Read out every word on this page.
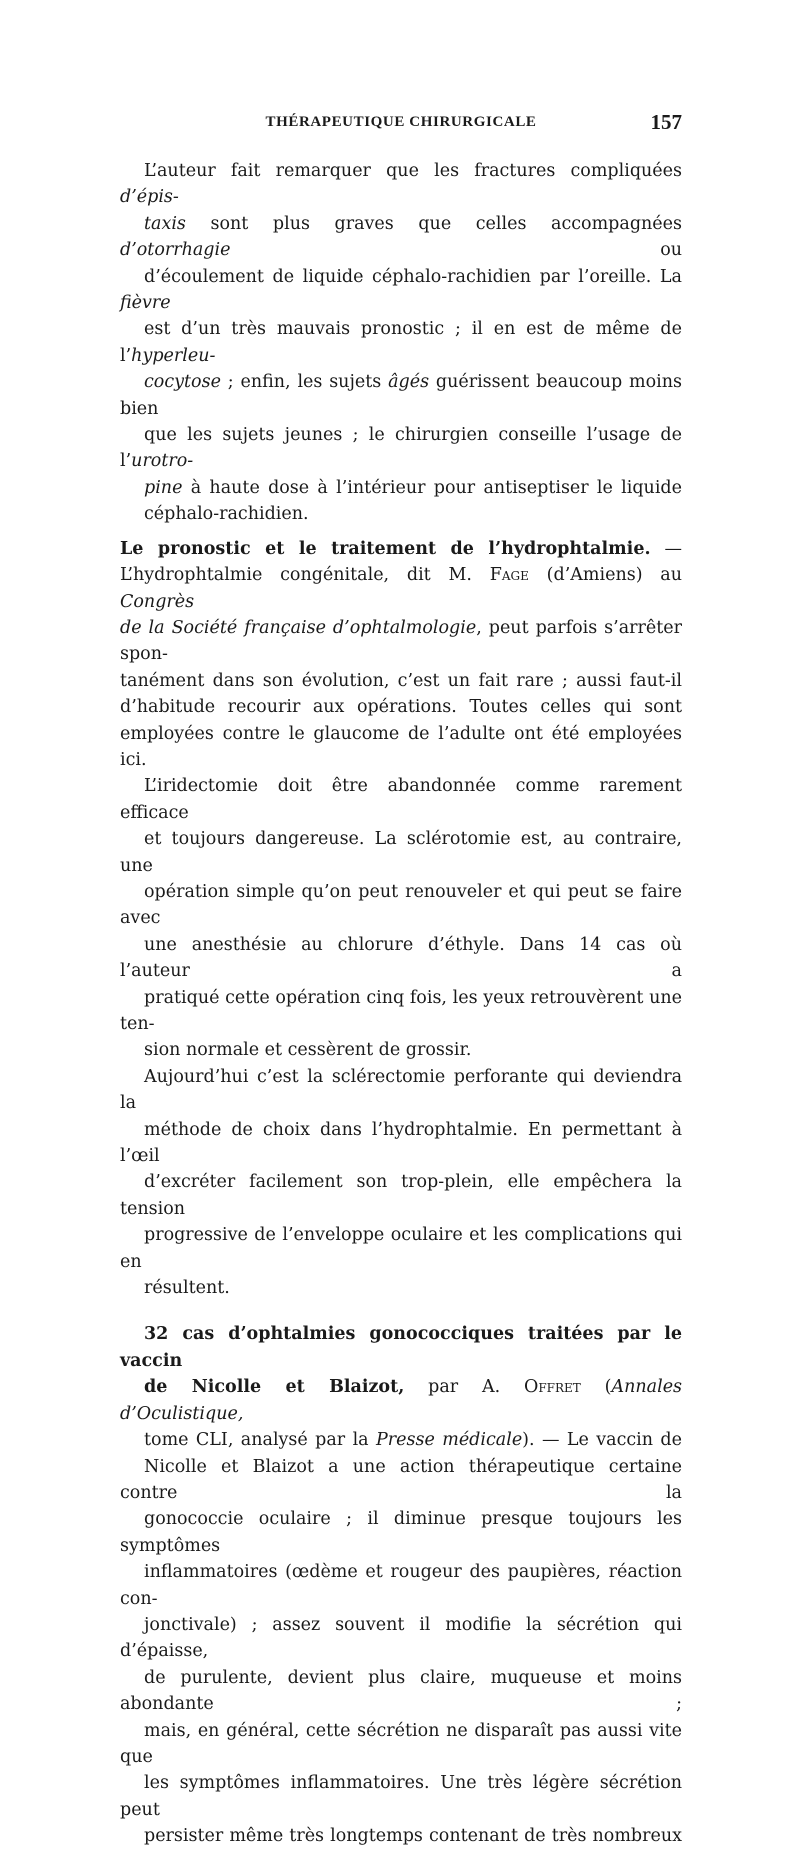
THÉRAPEUTIQUE CHIRURGICALE	157

L’auteur fait remarquer que les fractures compliquées d’épis-
taxis sont plus graves que celles accompagnées d’otorrhagie ou
d’écoulement de liquide céphalo-rachidien par l’oreille. La fièvre
est d’un très mauvais pronostic ; il en est de même de l’hyperleu-
cocytose ; enfin, les sujets âgés guérissent beaucoup moins bien
que les sujets jeunes ; le chirurgien conseille l’usage de l’urotro-
pine à haute dose à l’intérieur pour antiseptiser le liquide
céphalo-rachidien.

Le pronostic et le traitement de l’hydrophtalmie. —
L’hydrophtalmie congénitale, dit M. Fage (d’Amiens) au Congrès
de la Société française d’ophtalmologie, peut parfois s’arrêter spon-
tanément dans son évolution, c’est un fait rare ; aussi faut-il
d’habitude recourir aux opérations. Toutes celles qui sont
employées contre le glaucome de l’adulte ont été employées
ici.

L’iridectomie doit être abandonnée comme rarement efficace
et toujours dangereuse. La sclérotomie est, au contraire, une
opération simple qu’on peut renouveler et qui peut se faire avec
une anesthésie au chlorure d’éthyle. Dans 14 cas où l’auteur a
pratiqué cette opération cinq fois, les yeux retrouvèrent une ten-
sion normale et cessèrent de grossir.

Aujourd’hui c’est la sclérectomie perforante qui deviendra la
méthode de choix dans l’hydrophtalmie. En permettant à l’œil
d’excréter facilement son trop-plein, elle empêchera la tension
progressive de l’enveloppe oculaire et les complications qui en
résultent.

32 cas d’ophtalmies gonococciques traitées par le vaccin
de Nicolle et Blaizot, par A. Offret (Annales d’Oculistique,
tome CLI, analysé par la Presse médicale). — Le vaccin de
Nicolle et Blaizot a une action thérapeutique certaine contre la
gonococcie oculaire ; il diminue presque toujours les symptômes
inflammatoires (œdème et rougeur des paupières, réaction con-
jonctivale) ; assez souvent il modifie la sécrétion qui d’épaisse,
de purulente, devient plus claire, muqueuse et moins abondante ;
mais, en général, cette sécrétion ne disparaît pas aussi vite que
les symptômes inflammatoires. Une très légère sécrétion peut
persister même très longtemps contenant de très nombreux
